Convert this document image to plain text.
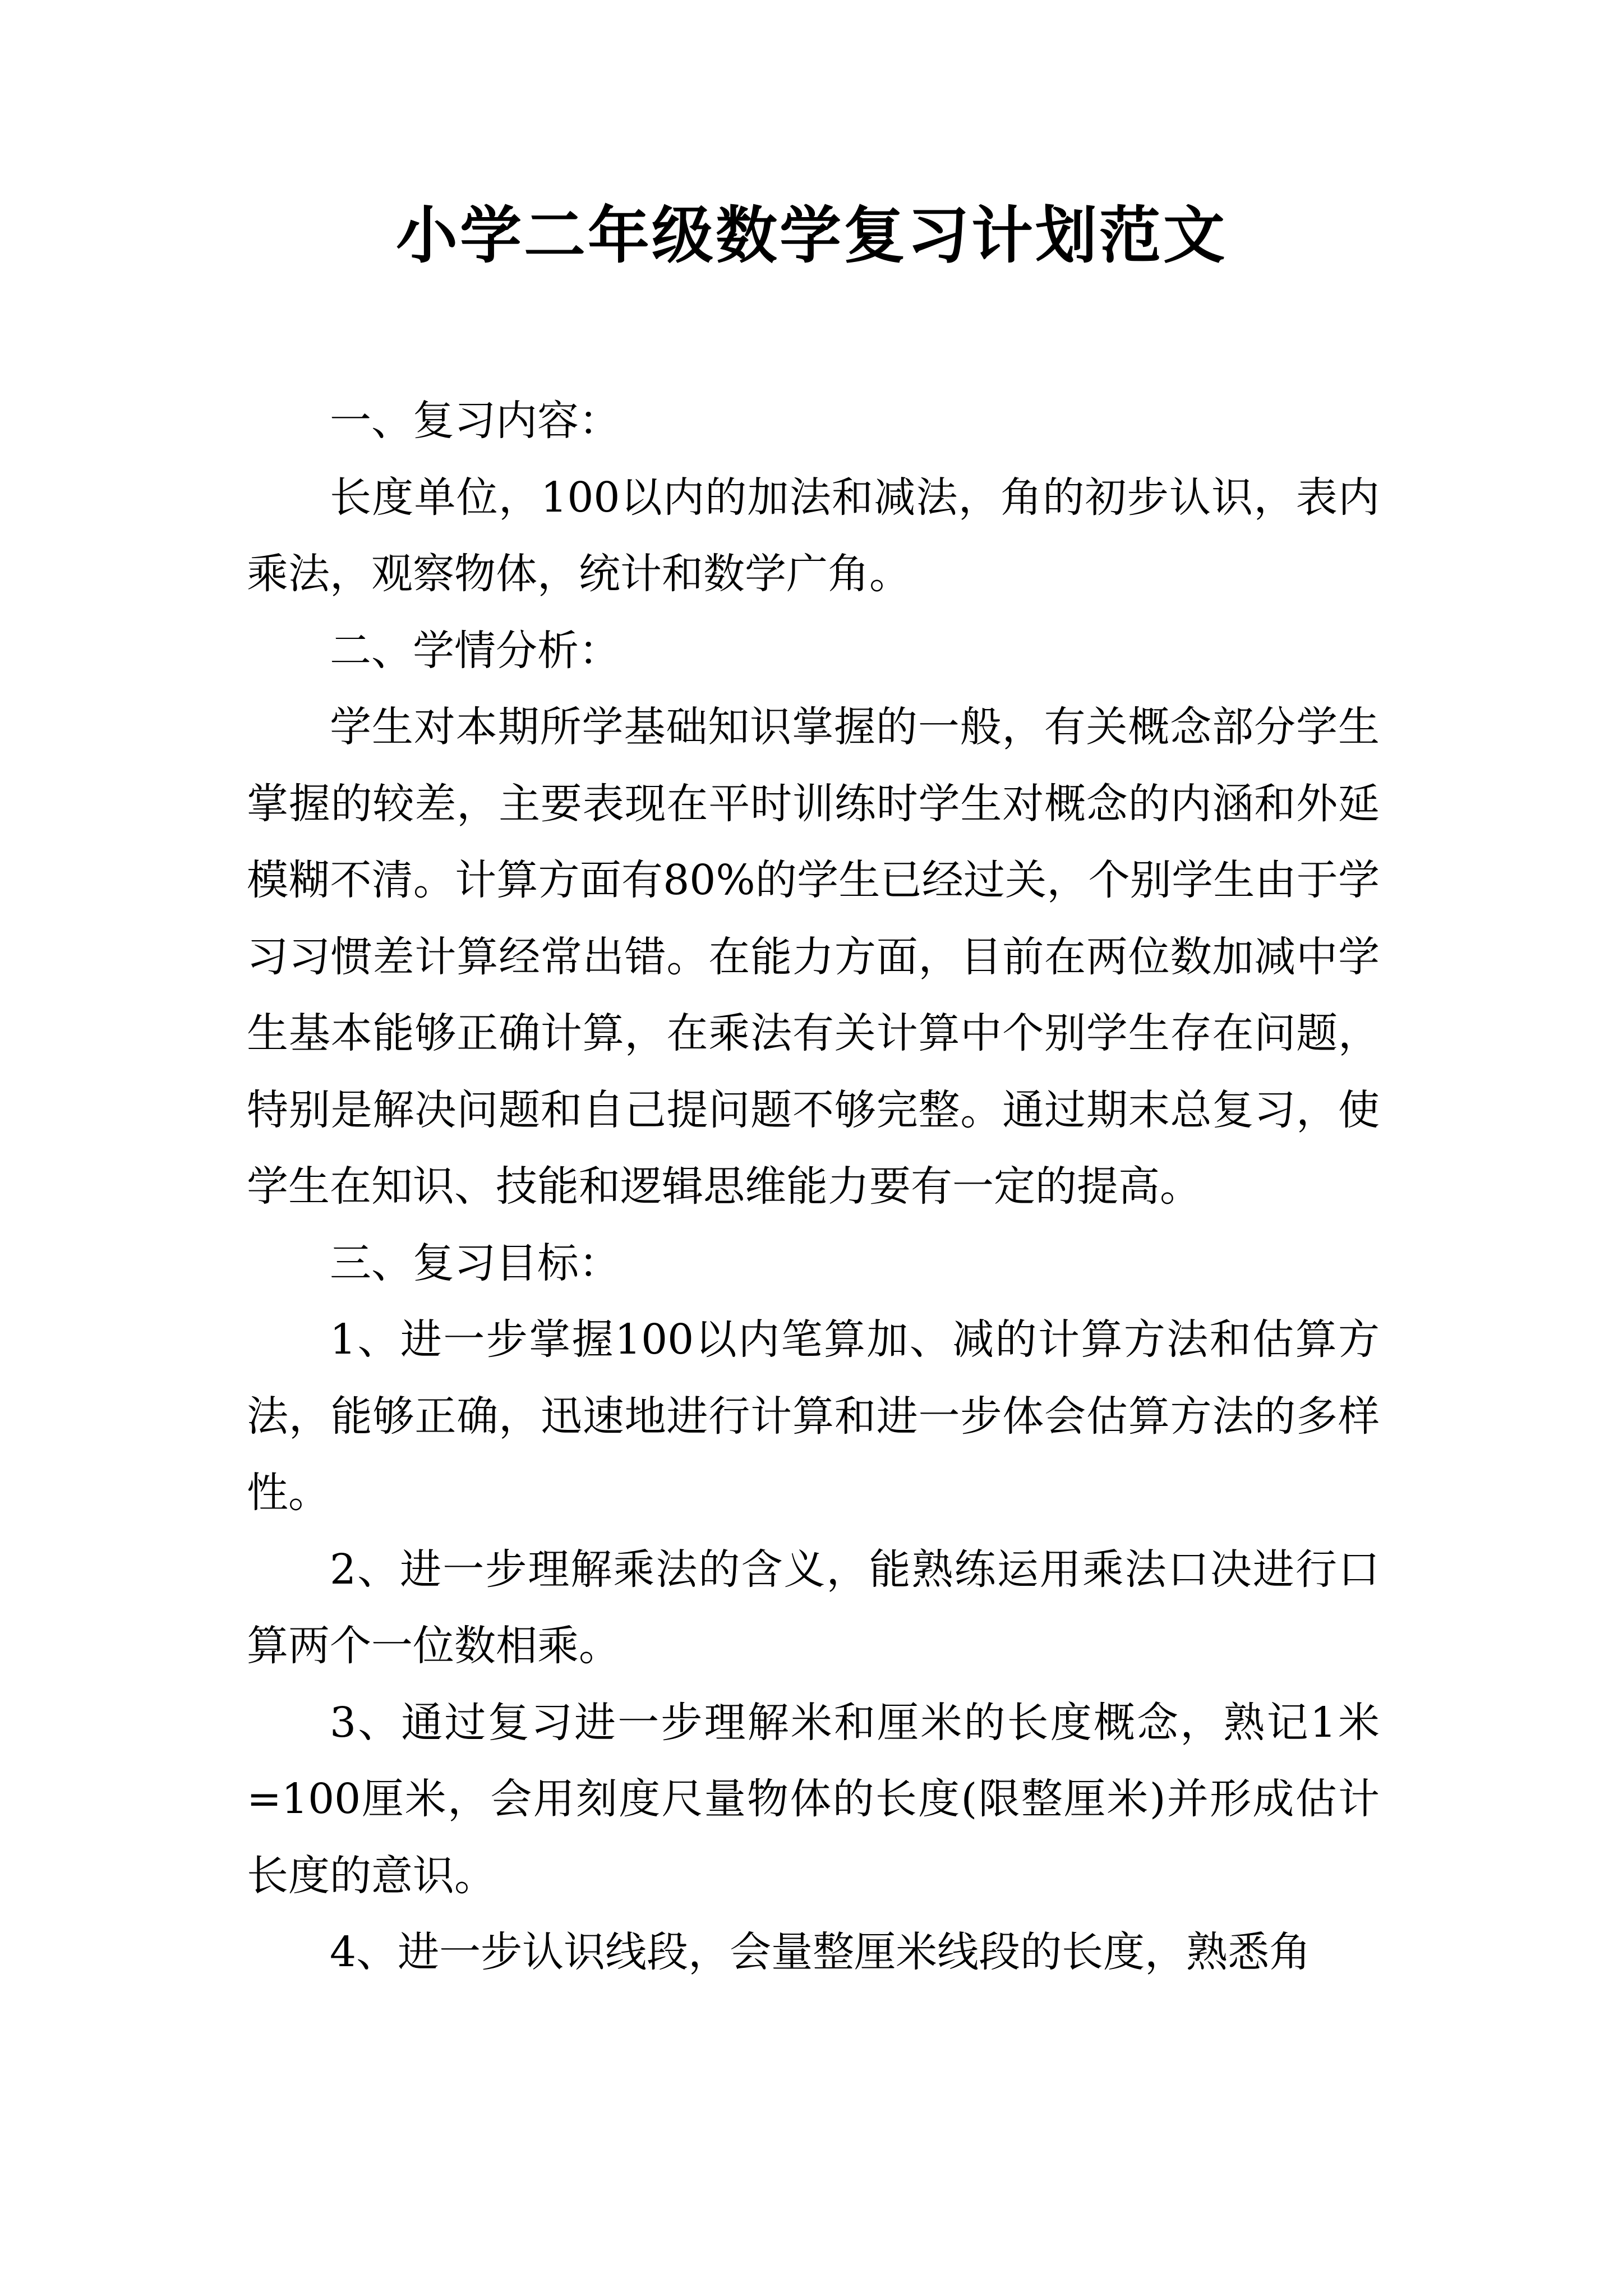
小学二年级数学复习计划范文

一、复习内容：

长度单位，100以内的加法和减法，角的初步认识，表内乘法，观察物体，统计和数学广角。

二、学情分析：

学生对本期所学基础知识掌握的一般，有关概念部分学生掌握的较差，主要表现在平时训练时学生对概念的内涵和外延模糊不清。计算方面有80%的学生已经过关，个别学生由于学习习惯差计算经常出错。在能力方面，目前在两位数加减中学生基本能够正确计算，在乘法有关计算中个别学生存在问题，特别是解决问题和自己提问题不够完整。通过期末总复习，使学生在知识、技能和逻辑思维能力要有一定的提高。

三、复习目标：

1、进一步掌握100以内笔算加、减的计算方法和估算方法，能够正确，迅速地进行计算和进一步体会估算方法的多样性。

2、进一步理解乘法的含义，能熟练运用乘法口决进行口算两个一位数相乘。

3、通过复习进一步理解米和厘米的长度概念，熟记1米=100厘米，会用刻度尺量物体的长度(限整厘米)并形成估计长度的意识。

4、进一步认识线段，会量整厘米线段的长度，熟悉角
